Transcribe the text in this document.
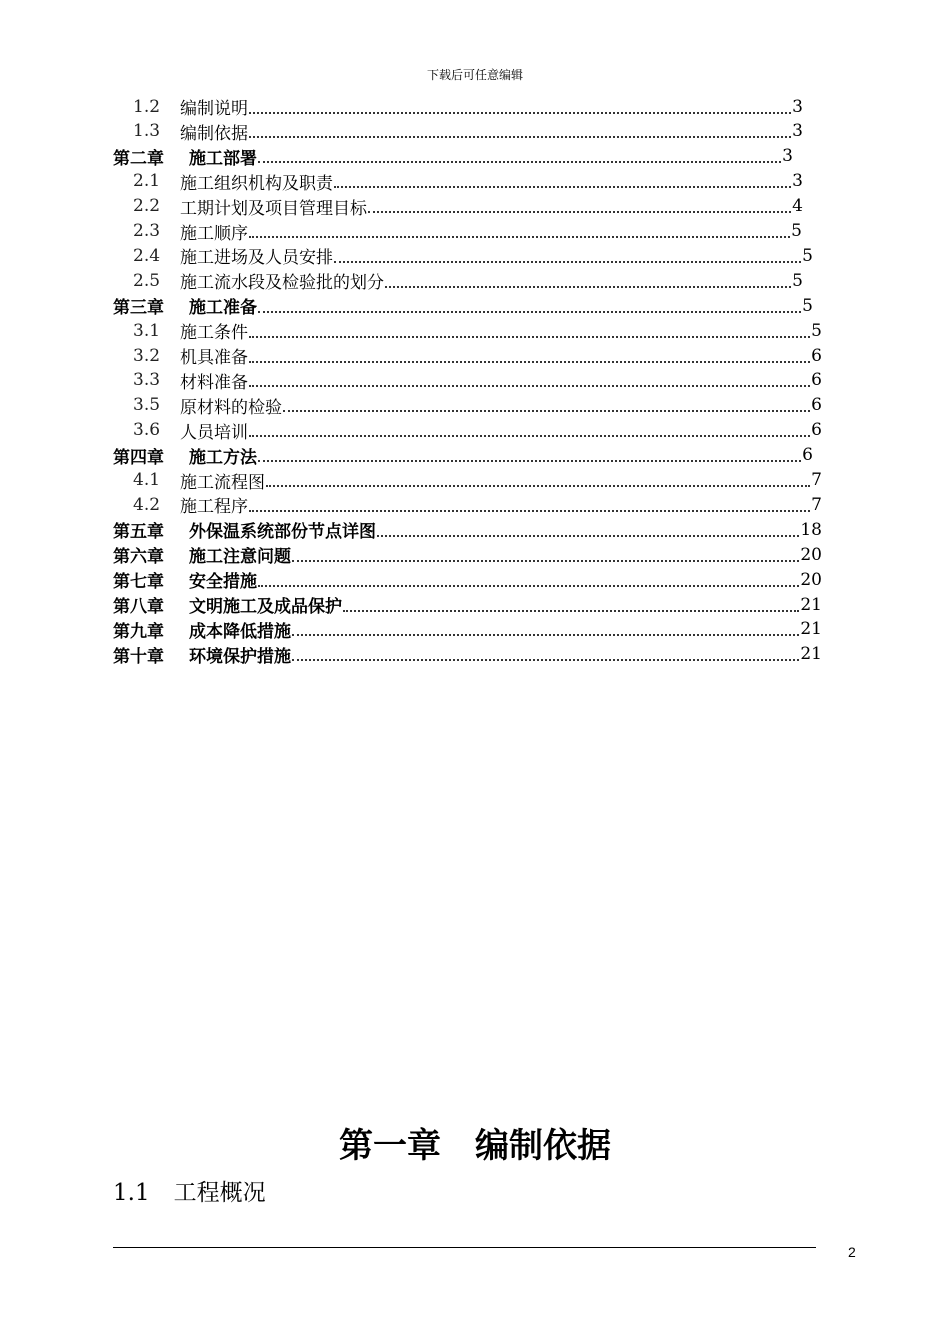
下载后可任意编辑
1.2	编制说明	3
1.3	编制依据	3
第二章	施工部署	3
2.1	施工组织机构及职责	3
2.2	工期计划及项目管理目标	4
2.3	施工顺序	5
2.4	施工进场及人员安排	5
2.5	施工流水段及检验批的划分	5
第三章	施工准备	5
3.1	施工条件	5
3.2	机具准备	6
3.3	材料准备	6
3.5	原材料的检验	6
3.6	人员培训	6
第四章	施工方法	6
4.1	施工流程图	7
4.2	施工程序	7
第五章	外保温系统部份节点详图	18
第六章	施工注意问题	20
第七章	安全措施	20
第八章	文明施工及成品保护	21
第九章	成本降低措施	21
第十章	环境保护措施	21
第一章　编制依据
1.1 工程概况
2
